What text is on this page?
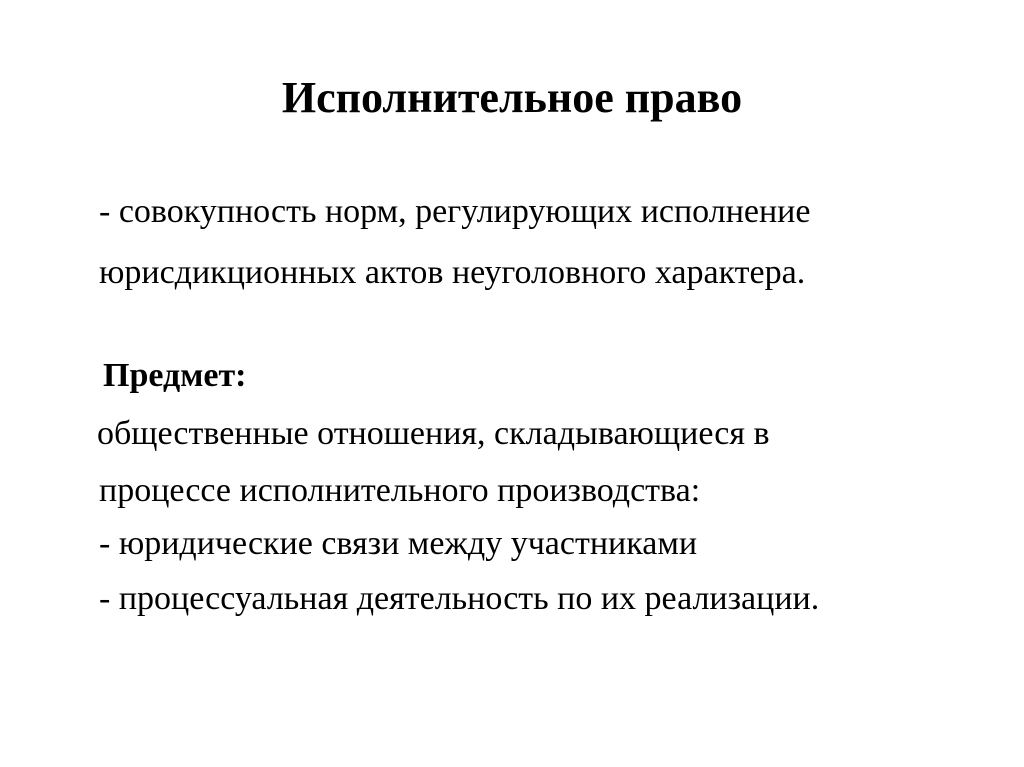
Исполнительное право
- совокупность норм, регулирующих исполнение
юрисдикционных актов неуголовного характера.
Предмет:
общественные отношения, складывающиеся в
процессе исполнительного производства:
- юридические связи между участниками
- процессуальная деятельность по их реализации.
